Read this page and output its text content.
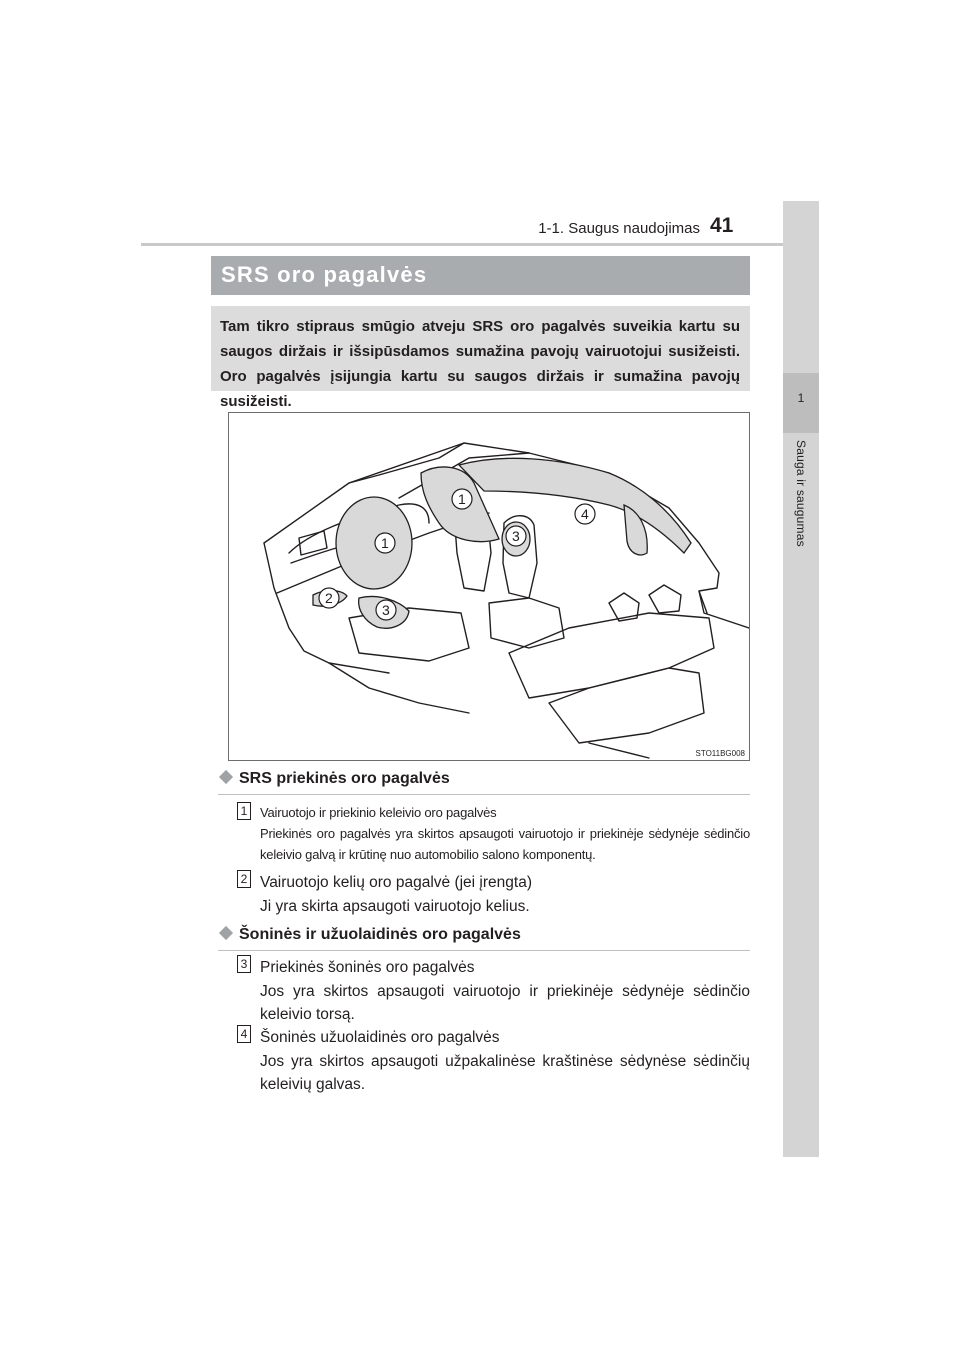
1-1. Saugus naudojimas 41
1
Sauga ir saugumas
SRS oro pagalvės

Tam tikro stipraus smūgio atveju SRS oro pagalvės suveikia kartu su saugos diržais ir išsipūsdamos sumažina pavojų vairuotojui susižeisti. Oro pagalvės įsijungia kartu su saugos diržais ir sumažina pavojų susižeisti.

1
1
2
3
3
4
STO11BG008
SRS priekinės oro pagalvės
1 Vairuotojo ir priekinio keleivio oro pagalvės
Priekinės oro pagalvės yra skirtos apsaugoti vairuotojo ir priekinėje sėdynėje sėdinčio keleivio galvą ir krūtinę nuo automobilio salono komponentų.
2 Vairuotojo kelių oro pagalvė (jei įrengta)
Ji yra skirta apsaugoti vairuotojo kelius.
Šoninės ir užuolaidinės oro pagalvės
3 Priekinės šoninės oro pagalvės
Jos yra skirtos apsaugoti vairuotojo ir priekinėje sėdynėje sėdinčio keleivio torsą.
4 Šoninės užuolaidinės oro pagalvės
Jos yra skirtos apsaugoti užpakalinėse kraštinėse sėdynėse sėdinčių keleivių galvas.
